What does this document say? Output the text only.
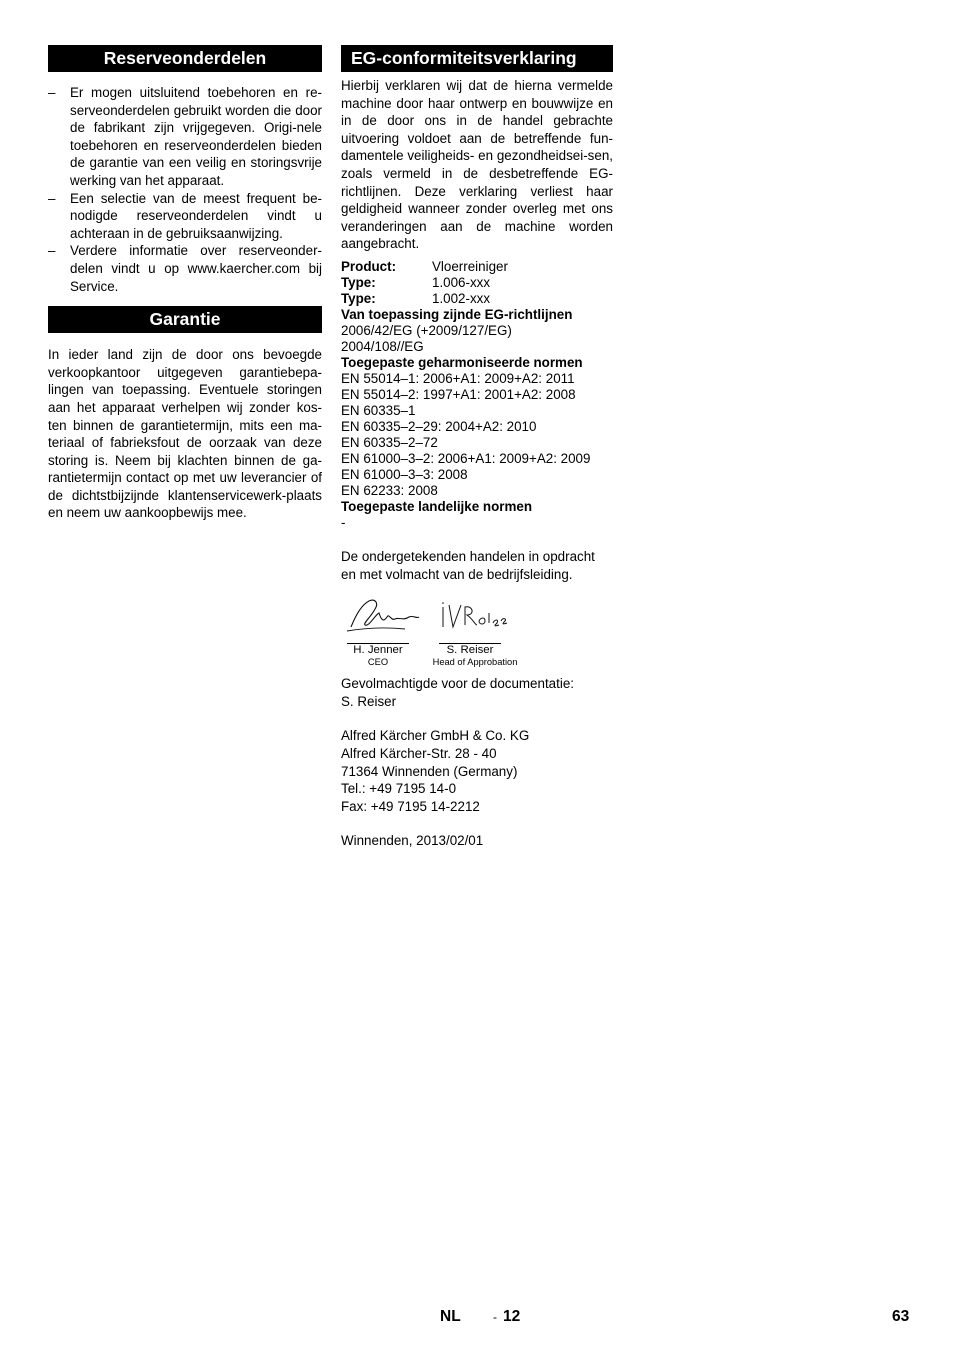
Reserveonderdelen
– Er mogen uitsluitend toebehoren en re-serveonderdelen gebruikt worden die door de fabrikant zijn vrijgegeven. Origi-nele toebehoren en reserveonderdelen bieden de garantie van een veilig en storingsvrije werking van het apparaat.
– Een selectie van de meest frequent be-nodigde reserveonderdelen vindt u achteraan in de gebruiksaanwijzing.
– Verdere informatie over reserveonder-delen vindt u op www.kaercher.com bij Service.
Garantie

In ieder land zijn de door ons bevoegde verkoopkantoor uitgegeven garantiebepa-lingen van toepassing. Eventuele storingen aan het apparaat verhelpen wij zonder kos-ten binnen de garantietermijn, mits een ma-teriaal of fabrieksfout de oorzaak van deze storing is. Neem bij klachten binnen de ga-rantietermijn contact op met uw leverancier of de dichtstbijzijnde klantenservicewerk-plaats en neem uw aankoopbewijs mee.

EG-conformiteitsverklaring

Hierbij verklaren wij dat de hierna vermelde machine door haar ontwerp en bouwwijze en in de door ons in de handel gebrachte uitvoering voldoet aan de betreffende fun-damentele veiligheids- en gezondheidsei-sen, zoals vermeld in de desbetreffende EG-richtlijnen. Deze verklaring verliest haar geldigheid wanneer zonder overleg met ons veranderingen aan de machine worden aangebracht.

Product:	Vloerreiniger
Type:	1.006-xxx
Type:	1.002-xxx
Van toepassing zijnde EG-richtlijnen
2006/42/EG (+2009/127/EG)
2004/108//EG
Toegepaste geharmoniseerde normen
EN 55014–1: 2006+A1: 2009+A2: 2011
EN 55014–2: 1997+A1: 2001+A2: 2008
EN 60335–1
EN 60335–2–29: 2004+A2: 2010
EN 60335–2–72
EN 61000–3–2: 2006+A1: 2009+A2: 2009
EN 61000–3–3: 2008
EN 62233: 2008
Toegepaste landelijke normen
-

De ondergetekenden handelen in opdracht en met volmacht van de bedrijfsleiding.

H. Jenner
CEO
S. Reiser
Head of Approbation

Gevolmachtigde voor de documentatie:

S. Reiser

Alfred Kärcher GmbH & Co. KG

Alfred Kärcher-Str. 28 - 40

71364 Winnenden (Germany)

Tel.: +49 7195 14-0

Fax: +49 7195 14-2212

Winnenden, 2013/02/01

NL	- 12	63
